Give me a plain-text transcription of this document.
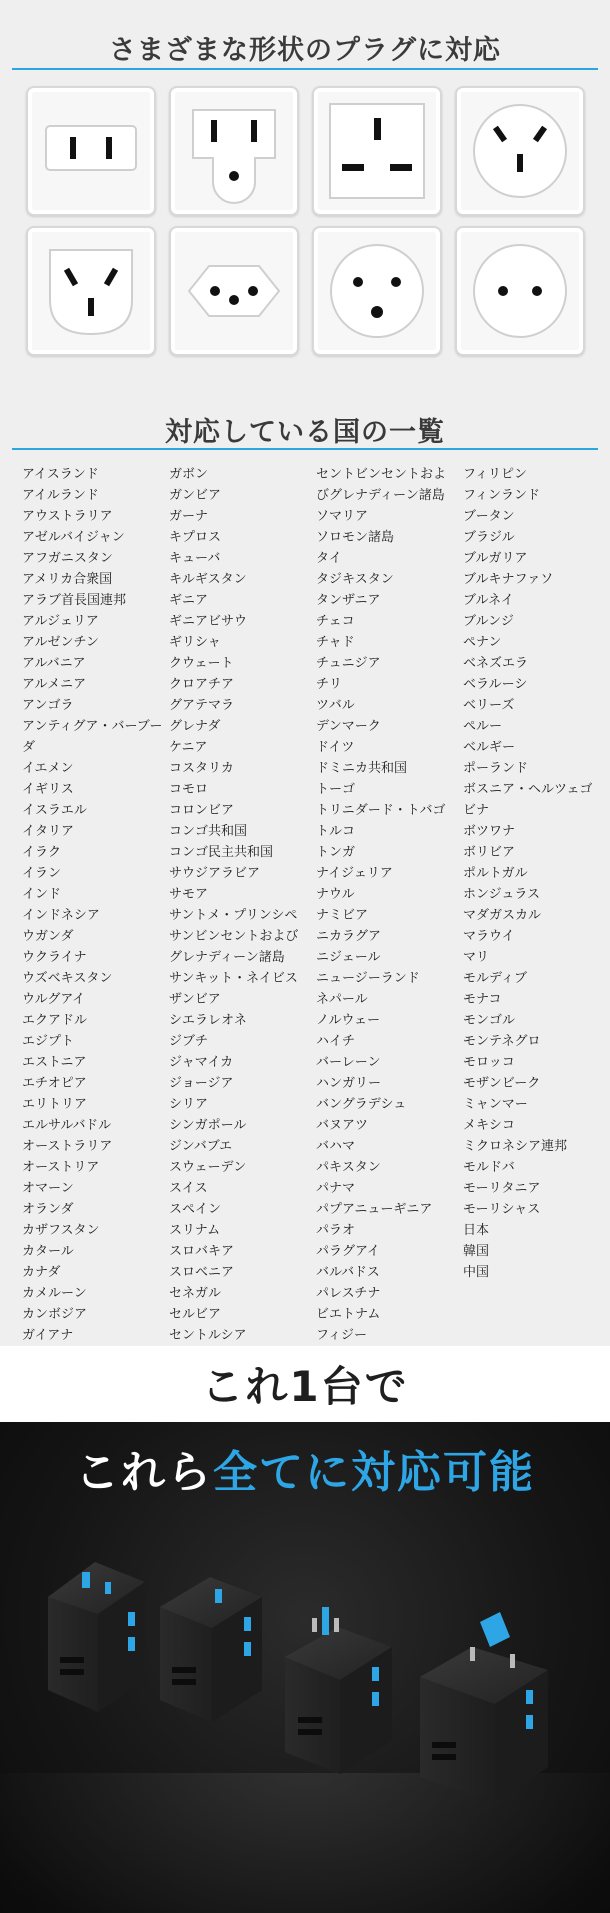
さまざまな形状のプラグに対応
対応している国の一覧
アイスランド
アイルランド
アウストラリア
アゼルバイジャン
アフガニスタン
アメリカ合衆国
アラブ首長国連邦
アルジェリア
アルゼンチン
アルバニア
アルメニア
アンゴラ
アンティグア・バーブー
ダ
イエメン
イギリス
イスラエル
イタリア
イラク
イラン
インド
インドネシア
ウガンダ
ウクライナ
ウズベキスタン
ウルグアイ
エクアドル
エジプト
エストニア
エチオピア
エリトリア
エルサルバドル
オーストラリア
オーストリア
オマーン
オランダ
カザフスタン
カタール
カナダ
カメルーン
カンボジア
ガイアナ
ガボン
ガンビア
ガーナ
キプロス
キューバ
キルギスタン
ギニア
ギニアビサウ
ギリシャ
クウェート
クロアチア
グアテマラ
グレナダ
ケニア
コスタリカ
コモロ
コロンビア
コンゴ共和国
コンゴ民主共和国
サウジアラビア
サモア
サントメ・プリンシペ
サンビンセントおよび
グレナディーン諸島
サンキット・ネイビス
ザンビア
シエラレオネ
ジブチ
ジャマイカ
ジョージア
シリア
シンガポール
ジンバブエ
スウェーデン
スイス
スペイン
スリナム
スロバキア
スロベニア
セネガル
セルビア
セントルシア
セントビンセントおよ
びグレナディーン諸島
ソマリア
ソロモン諸島
タイ
タジキスタン
タンザニア
チェコ
チャド
チュニジア
チリ
ツバル
デンマーク
ドイツ
ドミニカ共和国
トーゴ
トリニダード・トバゴ
トルコ
トンガ
ナイジェリア
ナウル
ナミビア
ニカラグア
ニジェール
ニュージーランド
ネパール
ノルウェー
ハイチ
バーレーン
ハンガリー
バングラデシュ
バヌアツ
バハマ
パキスタン
パナマ
パプアニューギニア
パラオ
パラグアイ
バルバドス
パレスチナ
ビエトナム
フィジー
フィリピン
フィンランド
ブータン
ブラジル
ブルガリア
ブルキナファソ
ブルネイ
ブルンジ
ペナン
ベネズエラ
ベラルーシ
ベリーズ
ペルー
ベルギー
ポーランド
ボスニア・ヘルツェゴ
ビナ
ボツワナ
ボリビア
ポルトガル
ホンジュラス
マダガスカル
マラウイ
マリ
モルディブ
モナコ
モンゴル
モンテネグロ
モロッコ
モザンビーク
ミャンマー
メキシコ
ミクロネシア連邦
モルドバ
モーリタニア
モーリシャス
日本
韓国
中国
これ1台で
これら全てに対応可能
